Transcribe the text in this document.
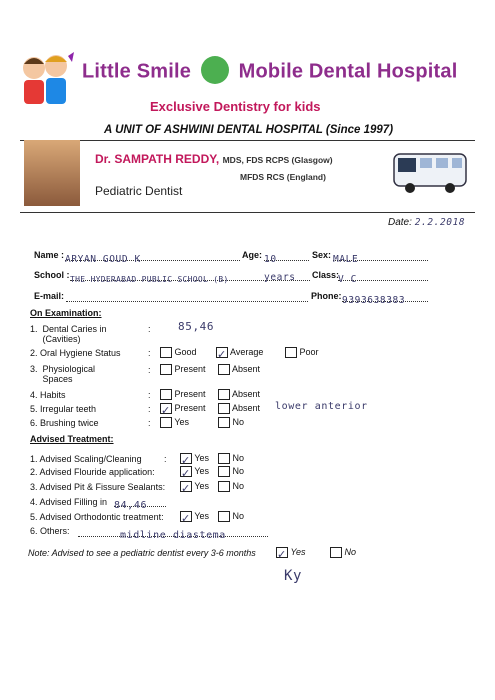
Little Smile Mobile Dental Hospital
Exclusive Dentistry for kids
A UNIT OF ASHWINI DENTAL HOSPITAL (Since 1997)
Dr. SAMPATH REDDY, MDS, FDS RCPS (Glasgow)
MFDS RCS (England)
Pediatric Dentist
Date: 2.2.2018
Name : ARYAN GOUD K	Age: 10 years
Sex: MALE
School : THE HYDERABAD PUBLIC SCHOOL (B)	Class:
V C
E-mail:	Phone: 9393638383
On Examination:
1.  Dental Caries in
(Cavities)
: 85,46
2. Oral Hygiene Status	:	Good ✓ Average	Poor
3.  Physiological
Spaces
:	Present	Absent
4. Habits	:	Present	Absent
5. Irregular teeth	: ✓ Present	Absent lower anterior
6. Brushing twice	:	Yes	No
Advised Treatment:
1. Advised Scaling/Cleaning : ✓ Yes	No
2. Advised Flouride application: ✓ Yes	No
3. Advised Pit & Fissure Sealants: ✓ Yes	No
4. Advised Filling in 84,46
5. Advised Orthodontic treatment: ✓ Yes	No
6. Others:	midline diastema
Note: Advised to see a pediatric dentist every 3-6 months ✓ Yes	No
Ky
